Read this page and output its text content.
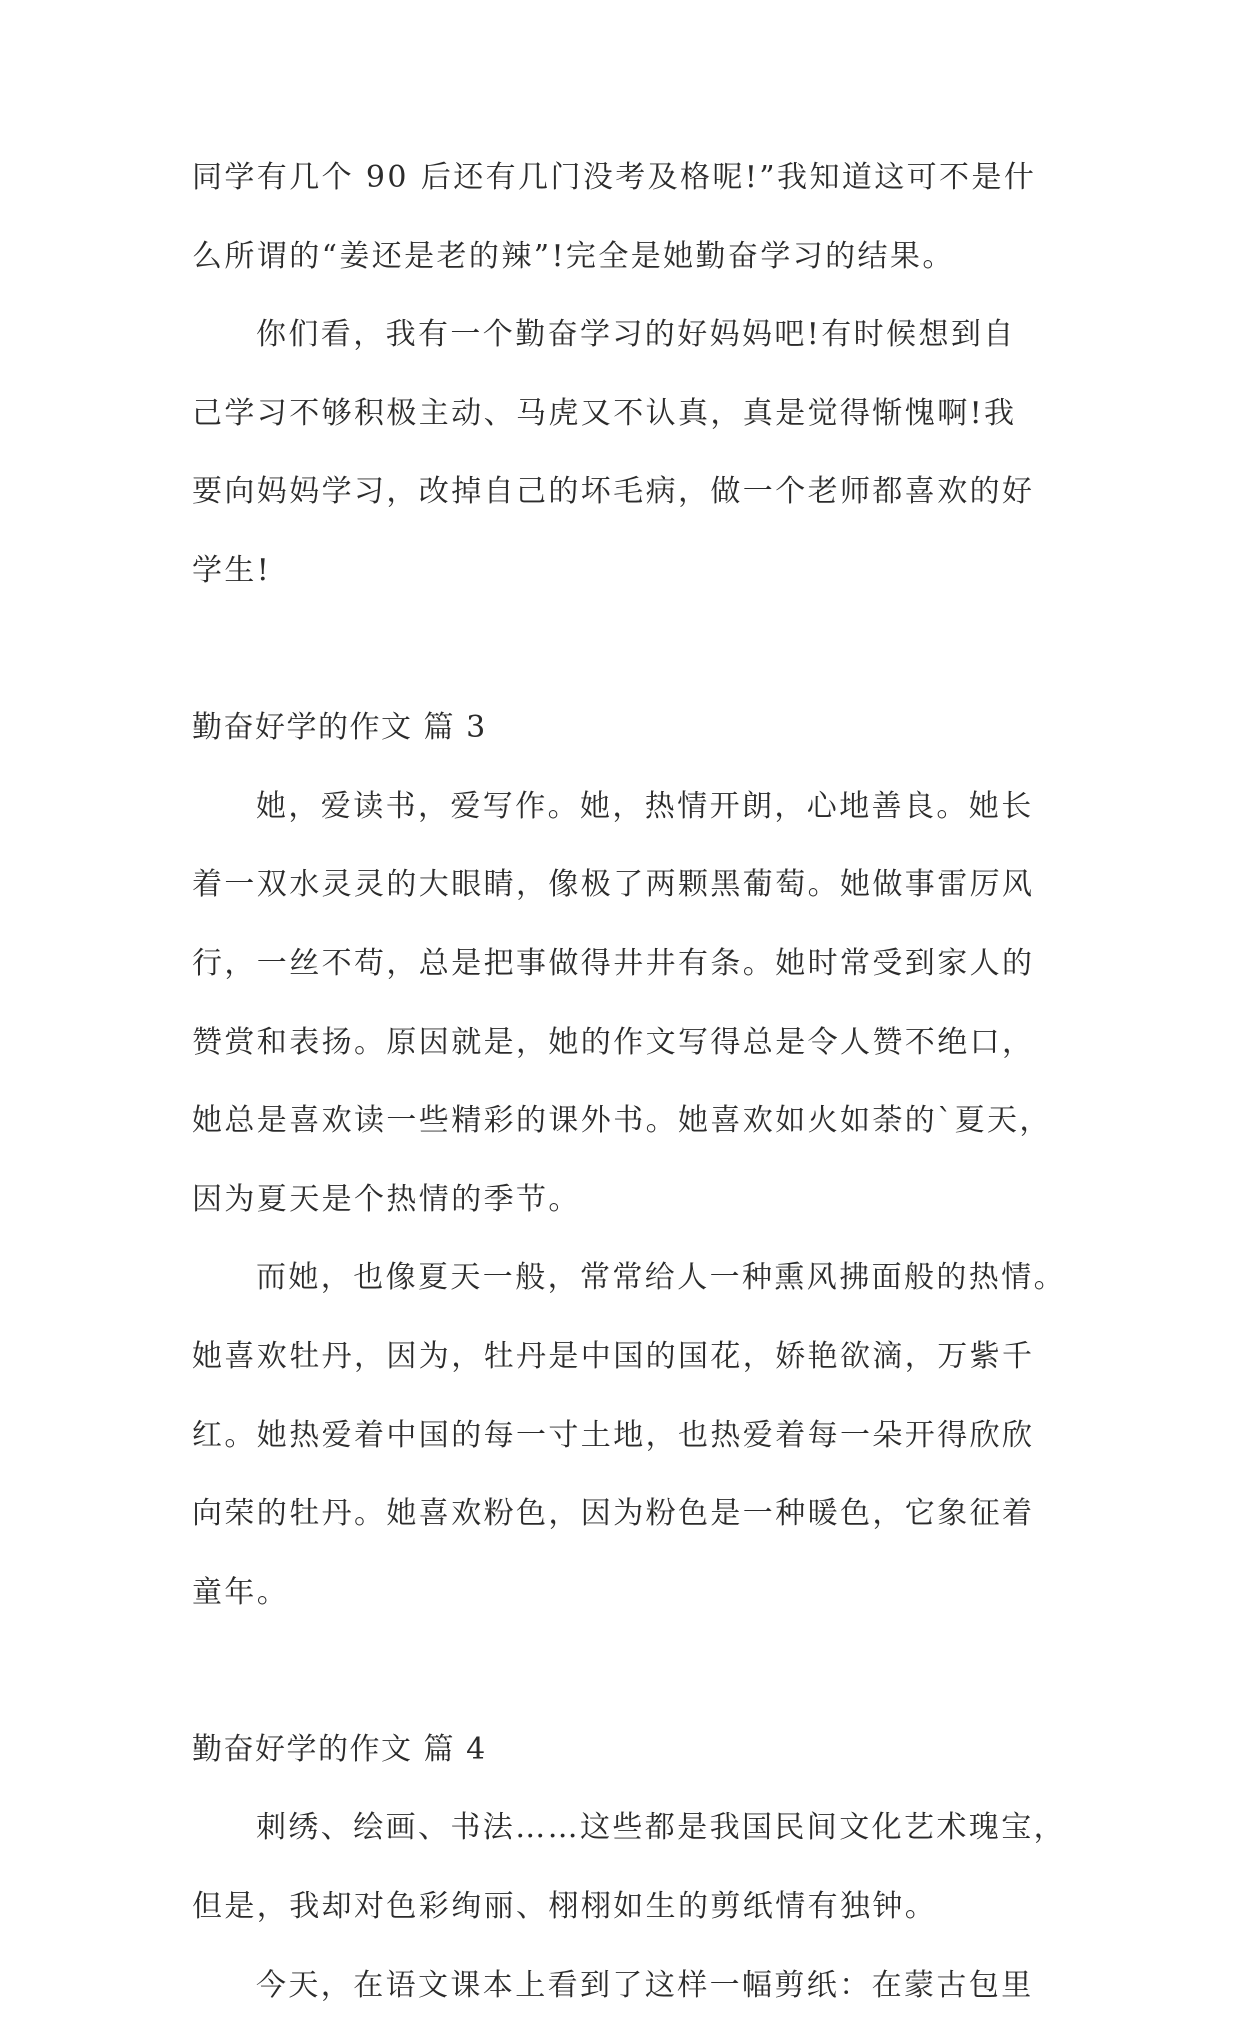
同学有几个 90 后还有几门没考及格呢!”我知道这可不是什
么所谓的“姜还是老的辣”!完全是她勤奋学习的结果。
你们看，我有一个勤奋学习的好妈妈吧!有时候想到自
己学习不够积极主动、马虎又不认真，真是觉得惭愧啊!我
要向妈妈学习，改掉自己的坏毛病，做一个老师都喜欢的好
学生!
勤奋好学的作文 篇 3
她，爱读书，爱写作。她，热情开朗，心地善良。她长
着一双水灵灵的大眼睛，像极了两颗黑葡萄。她做事雷厉风
行，一丝不苟，总是把事做得井井有条。她时常受到家人的
赞赏和表扬。原因就是，她的作文写得总是令人赞不绝口，
她总是喜欢读一些精彩的课外书。她喜欢如火如荼的`夏天，
因为夏天是个热情的季节。
而她，也像夏天一般，常常给人一种熏风拂面般的热情。
她喜欢牡丹，因为，牡丹是中国的国花，娇艳欲滴，万紫千
红。她热爱着中国的每一寸土地，也热爱着每一朵开得欣欣
向荣的牡丹。她喜欢粉色，因为粉色是一种暖色，它象征着
童年。
勤奋好学的作文 篇 4
刺绣、绘画、书法……这些都是我国民间文化艺术瑰宝，
但是，我却对色彩绚丽、栩栩如生的剪纸情有独钟。
今天，在语文课本上看到了这样一幅剪纸：在蒙古包里
